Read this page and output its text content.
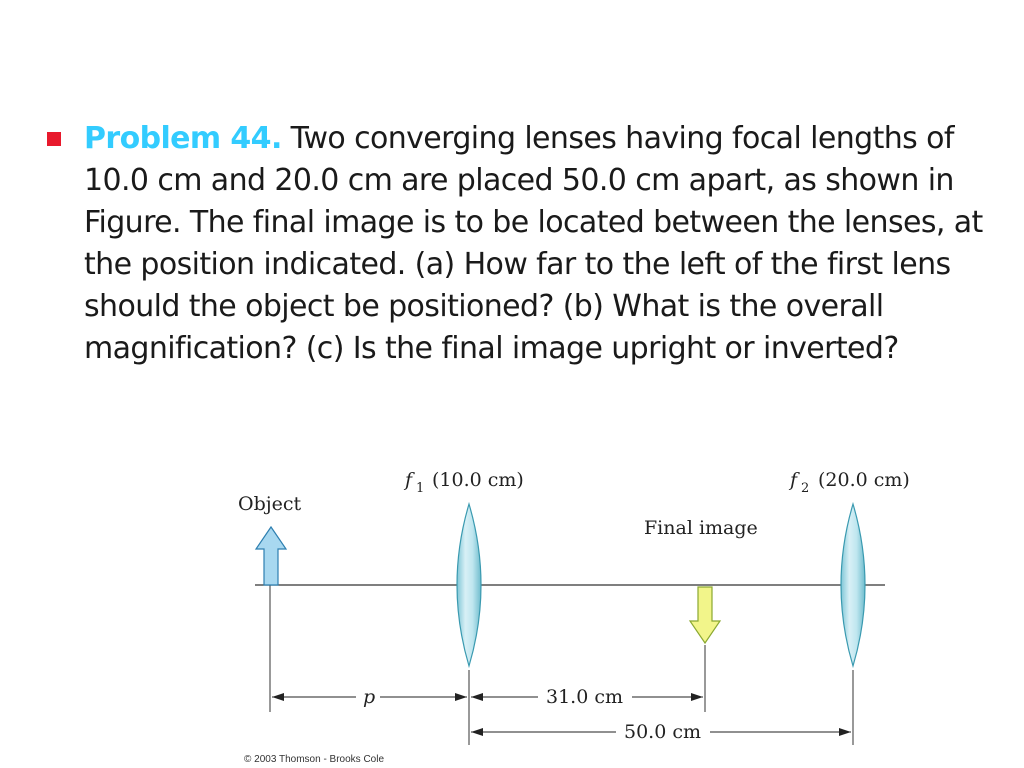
Problem 44. Two converging lenses having focal lengths of 10.0 cm and 20.0 cm are placed 50.0 cm apart, as shown in Figure. The final image is to be located between the lenses, at the position indicated. (a) How far to the left of the first lens should the object be positioned? (b) What is the overall magnification? (c) Is the final image upright or inverted?

Object
Final image
f 1 (10.0 cm)	f 2 (20.0 cm)
p	31.0 cm
50.0 cm
© 2003 Thomson - Brooks Cole
